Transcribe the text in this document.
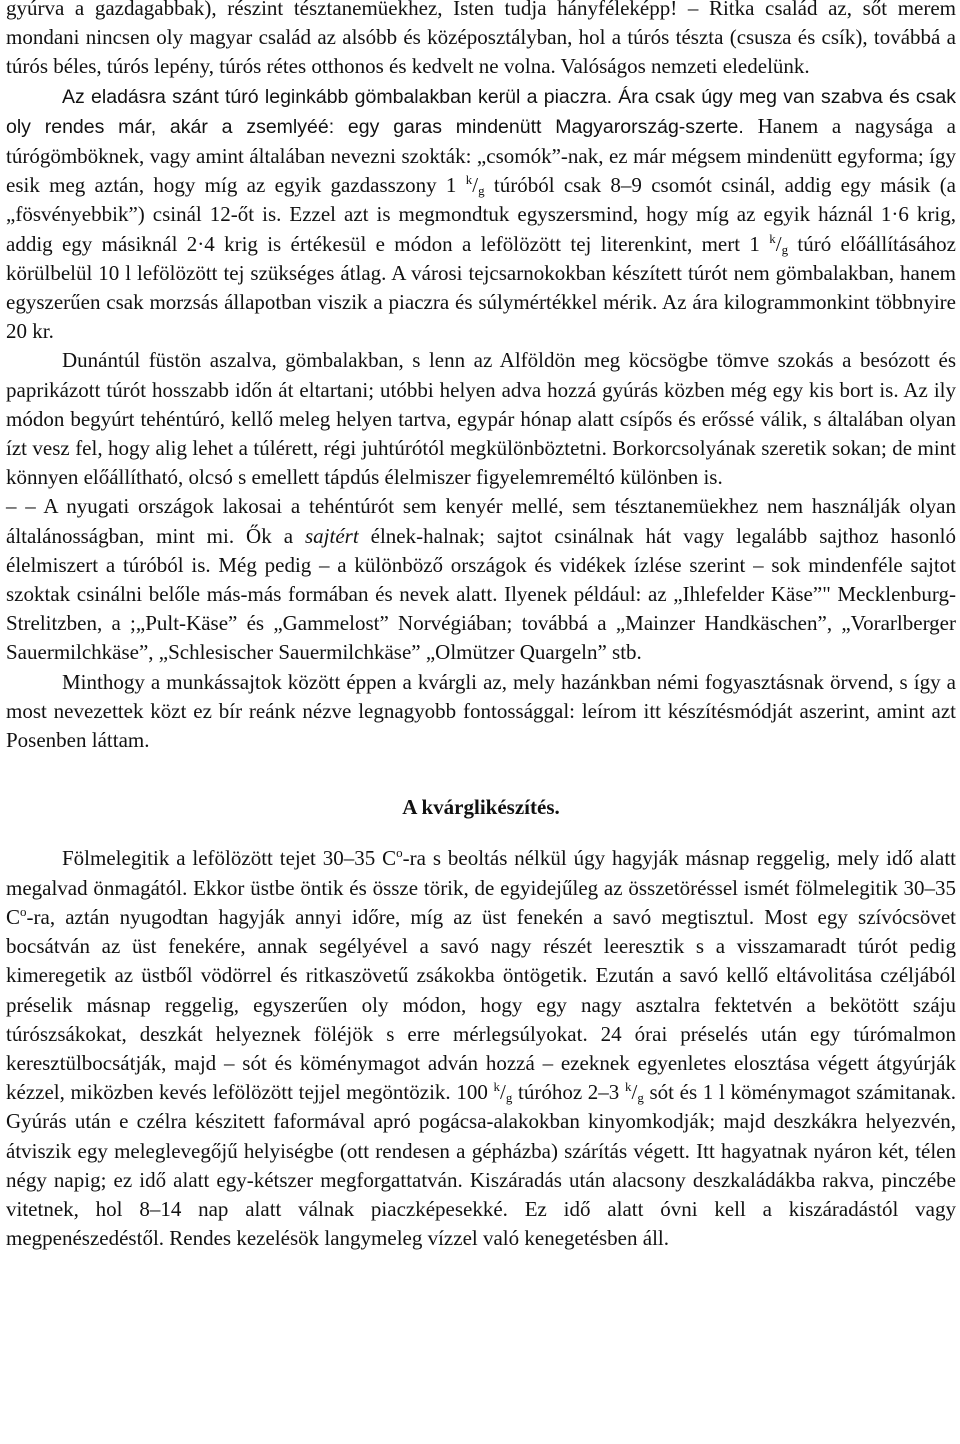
gyúrva a gazdagabbak), részint tésztanemüekhez, Isten tudja hányféleképp! – Ritka család az, sőt merem mondani nincsen oly magyar család az alsóbb és középosztályban, hol a túrós tészta (csusza és csík), továbbá a túrós béles, túrós lepény, túrós rétes otthonos és kedvelt ne volna. Valóságos nemzeti eledelünk.

Az eladásra szánt túró leginkább gömbalakban kerül a piaczra. Ára csak úgy meg van szabva és csak oly rendes már, akár a zsemlyéé: egy garas mindenütt Magyarország-szerte. Hanem a nagysága a túrógömböknek, vagy amint általában nevezni szokták: „csomók”-nak, ez már mégsem mindenütt egyforma; így esik meg aztán, hogy míg az egyik gazdasszony 1 $^k/_g$ túróból csak 8–9 csomót csinál, addig egy másik (a „fösvényebbik”) csinál 12-őt is. Ezzel azt is megmondtuk egyszersmind, hogy míg az egyik háznál 1·6 krig, addig egy másiknál 2·4 krig is értékesül e módon a lefölözött tej literenkint, mert 1 $^k/_g$ túró előállításához körülbelül 10 l lefölözött tej szükséges átlag. A városi tejcsarnokokban készített túrót nem gömbalakban, hanem egyszerűen csak morzsás állapotban viszik a piaczra és súlymértékkel mérik. Az ára kilogrammonkint többnyire 20 kr.

Dunántúl füstön aszalva, gömbalakban, s lenn az Alföldön meg köcsögbe tömve szokás a besózott és paprikázott túrót hosszabb időn át eltartani; utóbbi helyen adva hozzá gyúrás közben még egy kis bort is. Az ily módon begyúrt tehéntúró, kellő meleg helyen tartva, egypár hónap alatt csípős és erőssé válik, s általában olyan ízt vesz fel, hogy alig lehet a túlérett, régi juhtúrótól megkülönböztetni. Borkorcsolyának szeretik sokan; de mint könnyen előállítható, olcsó s emellett tápdús élelmiszer figyelemreméltó különben is.

– – A nyugati országok lakosai a tehéntúrót sem kenyér mellé, sem tésztanemüekhez nem használják olyan általánosságban, mint mi. Ők a sajtért élnek-halnak; sajtot csinálnak hát vagy legalább sajthoz hasonló élelmiszert a túróból is. Még pedig – a különböző országok és vidékek ízlése szerint – sok mindenféle sajtot szoktak csinálni belőle más-más formában és nevek alatt. Ilyenek például: az „Ihlefelder Käse”" Mecklenburg-Strelitzben, a ;„Pult-Käse” és „Gammelost” Norvégiában; továbbá a „Mainzer Handkäschen”, „Vorarlberger Sauermilchkäse”, „Schlesischer Sauermilchkäse” „Olmützer Quargeln” stb.

Minthogy a munkássajtok között éppen a kvárgli az, mely hazánkban némi fogyasztásnak örvend, s így a most nevezettek közt ez bír reánk nézve legnagyobb fontossággal: leírom itt készítésmódját aszerint, amint azt Posenben láttam.

A kvárglikészítés.

Fölmelegitik a lefölözött tejet 30–35 $C^o-ra$ s beoltás nélkül úgy hagyják másnap reggelig, mely idő alatt megalvad önmagától. Ekkor üstbe öntik és össze törik, de egyidejűleg az összetöréssel ismét fölmelegitik 30–35 $C^o-ra$, aztán nyugodtan hagyják annyi időre, míg az üst fenekén a savó megtisztul. Most egy szívócsövet bocsátván az üst fenekére, annak segélyével a savó nagy részét leeresztik s a visszamaradt túrót pedig kimeregetik az üstből vödörrel és ritkaszövetű zsákokba öntögetik. Ezután a savó kellő eltávolitása czéljából préselik másnap reggelig, egyszerűen oly módon, hogy egy nagy asztalra fektetvén a bekötött száju túrószsákokat, deszkát helyeznek föléjök s erre mérlegsúlyokat. 24 órai préselés után egy túrómalmon keresztülbocsátják, majd – sót és köménymagot adván hozzá – ezeknek egyenletes elosztása végett átgyúrják kézzel, miközben kevés lefölözött tejjel megöntözik. 100 $^k/_g$ túróhoz 2–3 $^k/_g$ sót és 1 l köménymagot számitanak. Gyúrás után e czélra készitett faformával apró pogácsa-alakokban kinyomkodják; majd deszkákra helyezvén, átviszik egy meleglevegőjű helyiségbe (ott rendesen a gépházba) szárítás végett. Itt hagyatnak nyáron két, télen négy napig; ez idő alatt egy-kétszer megforgattatván. Kiszáradás után alacsony deszkaládákba rakva, pinczébe vitetnek, hol 8–14 nap alatt válnak piaczképesekké. Ez idő alatt óvni kell a kiszáradástól vagy megpenészedéstől. Rendes kezelésök langymeleg vízzel való kenegetésben áll.
